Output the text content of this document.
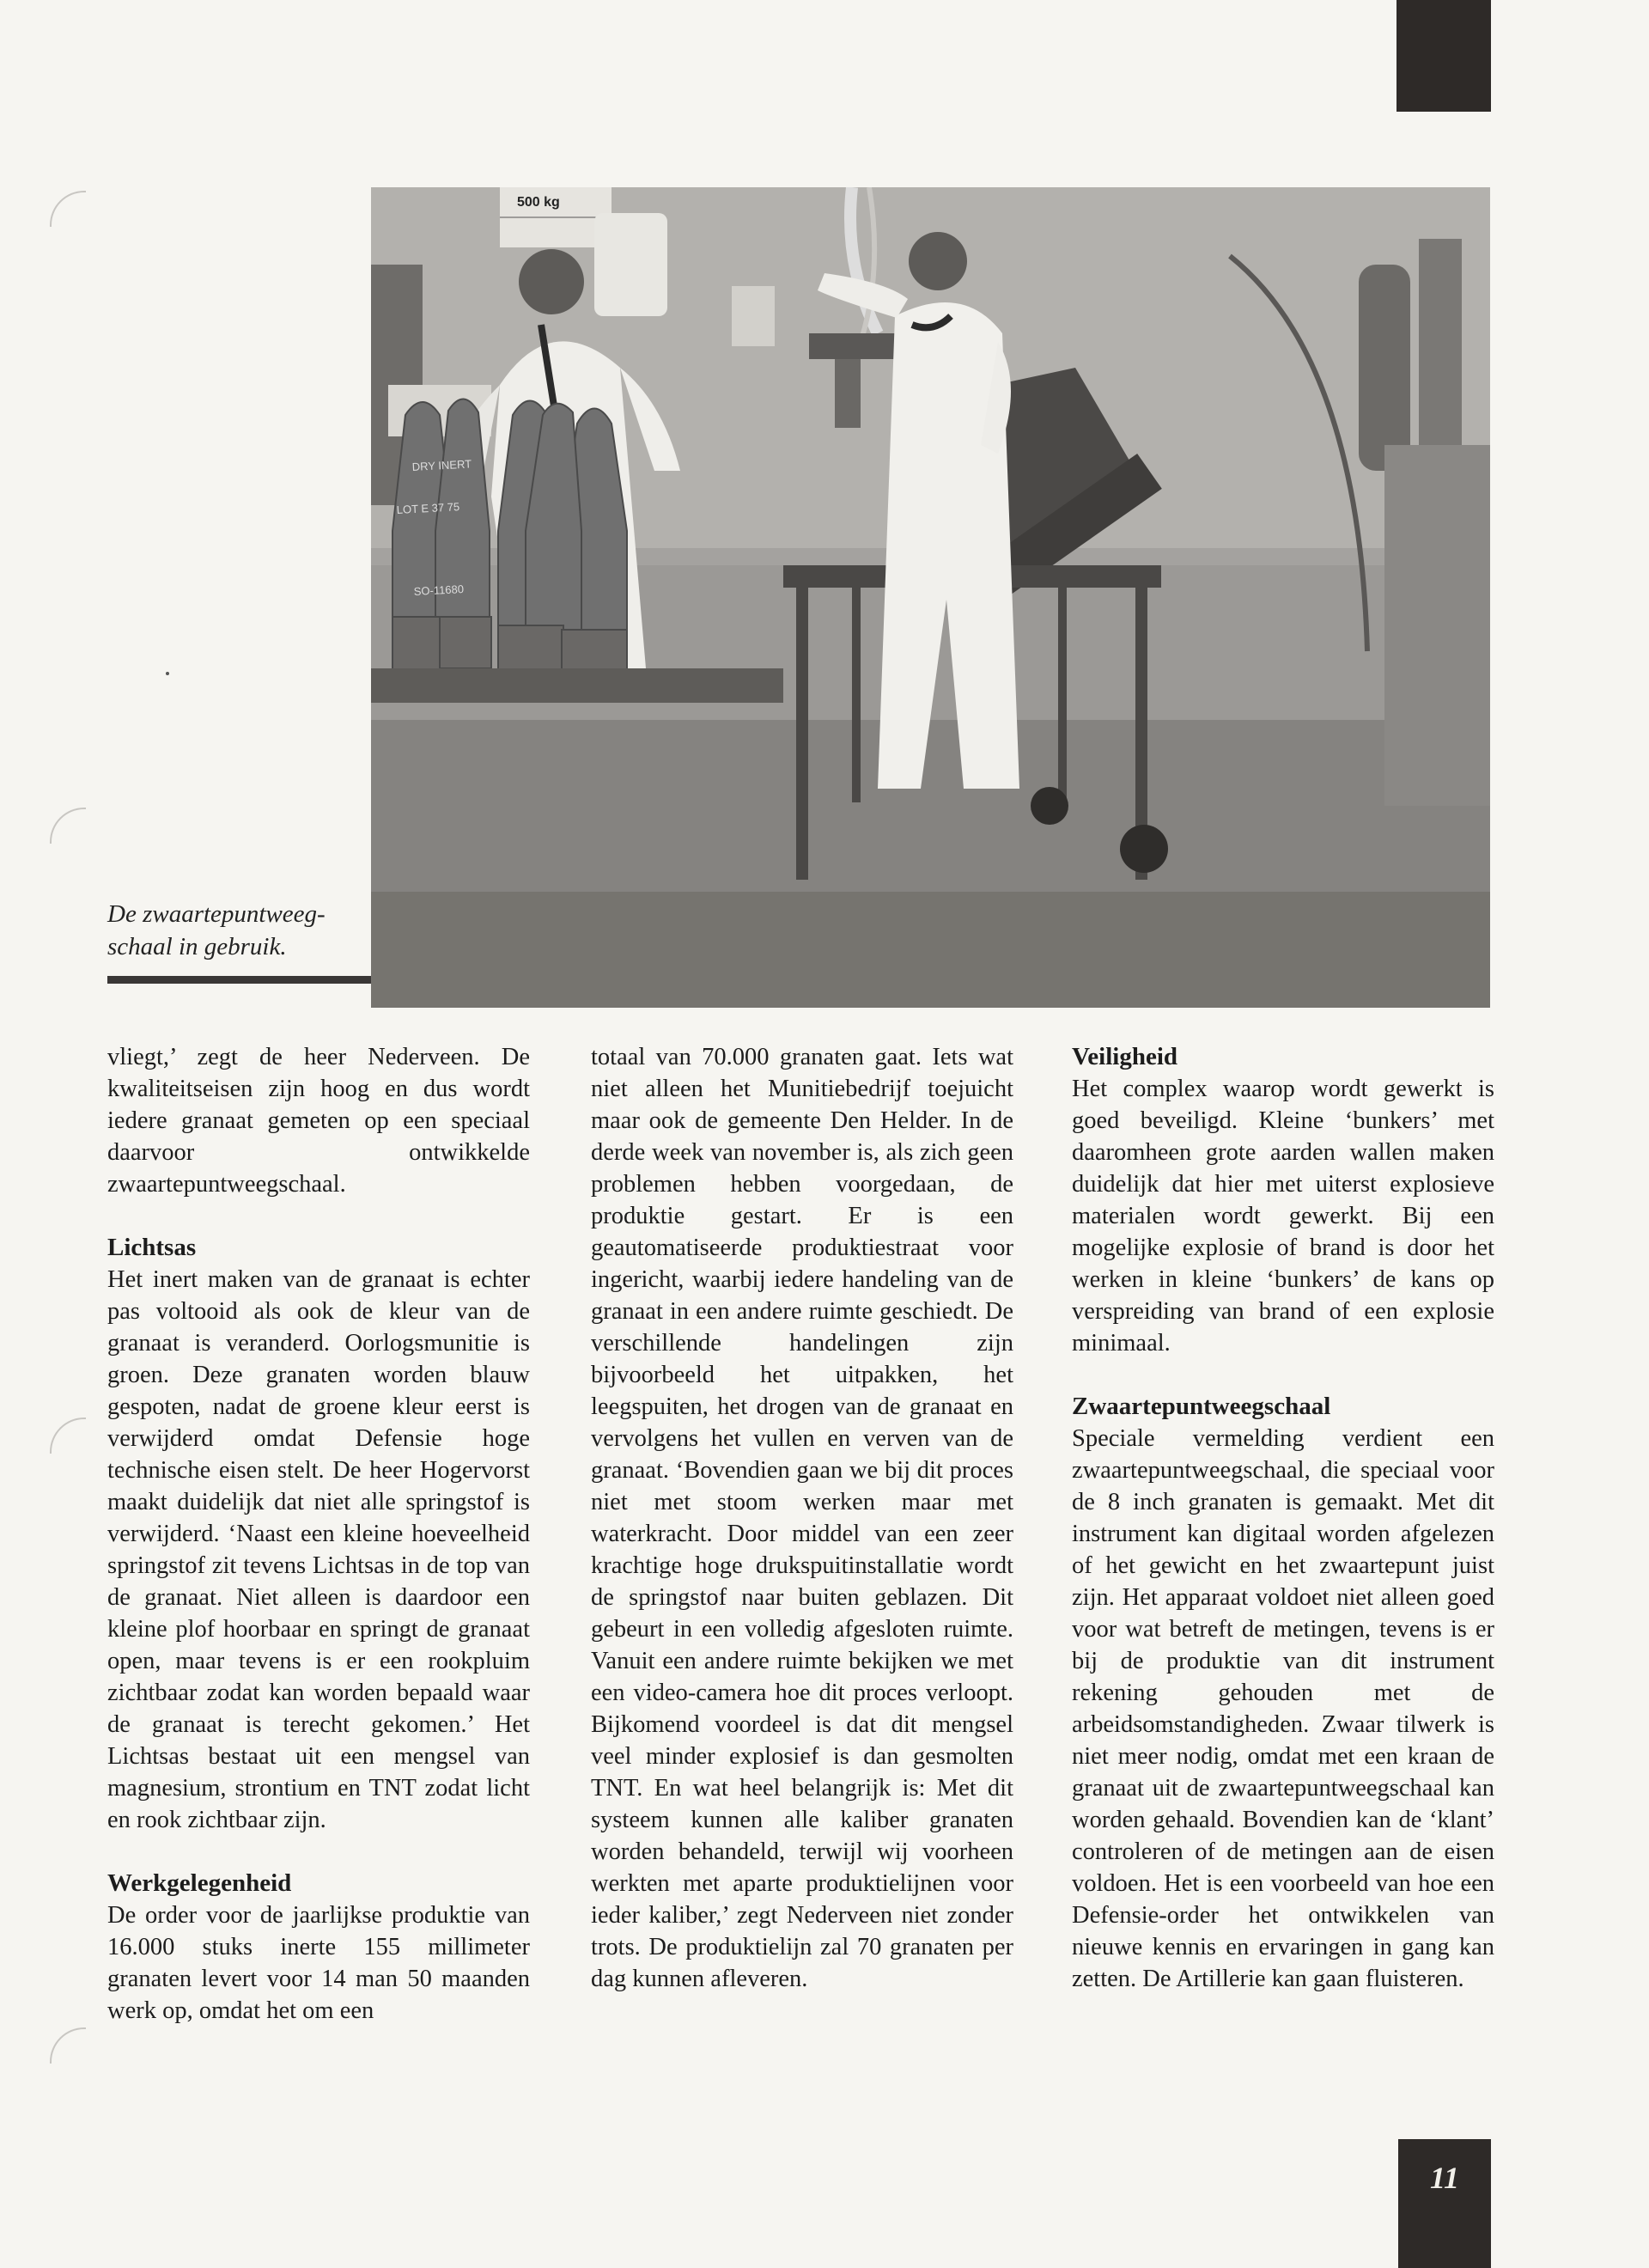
500 kg
DRY INERT
LOT E 37 75
SO-11680
De zwaartepuntweeg-
schaal in gebruik.

vliegt,’ zegt de heer Nederveen. De kwaliteitseisen zijn hoog en dus wordt iedere granaat gemeten op een speciaal daarvoor ontwikkelde zwaartepuntweegschaal.

Lichtsas

Het inert maken van de granaat is echter pas voltooid als ook de kleur van de granaat is veranderd. Oorlogsmunitie is groen. Deze granaten worden blauw gespoten, nadat de groene kleur eerst is verwijderd omdat Defensie hoge technische eisen stelt. De heer Hogervorst maakt duidelijk dat niet alle springstof is verwijderd. ‘Naast een kleine hoeveelheid springstof zit tevens Lichtsas in de top van de granaat. Niet alleen is daardoor een kleine plof hoorbaar en springt de granaat open, maar tevens is er een rookpluim zichtbaar zodat kan worden bepaald waar de granaat is terecht gekomen.’ Het Lichtsas bestaat uit een mengsel van magnesium, strontium en TNT zodat licht en rook zichtbaar zijn.

Werkgelegenheid

De order voor de jaarlijkse produktie van 16.000 stuks inerte 155 millimeter granaten levert voor 14 man 50 maanden werk op, omdat het om een

totaal van 70.000 granaten gaat. Iets wat niet alleen het Munitiebedrijf toejuicht maar ook de gemeente Den Helder. In de derde week van november is, als zich geen problemen hebben voorgedaan, de produktie gestart. Er is een geautomatiseerde produktiestraat voor ingericht, waarbij iedere handeling van de granaat in een andere ruimte geschiedt. De verschillende handelingen zijn bijvoorbeeld het uitpakken, het leegspuiten, het drogen van de granaat en vervolgens het vullen en verven van de granaat. ‘Bovendien gaan we bij dit proces niet met stoom werken maar met waterkracht. Door middel van een zeer krachtige hoge drukspuitinstallatie wordt de springstof naar buiten geblazen. Dit gebeurt in een volledig afgesloten ruimte. Vanuit een andere ruimte bekijken we met een video-camera hoe dit proces verloopt. Bijkomend voordeel is dat dit mengsel veel minder explosief is dan gesmolten TNT. En wat heel belangrijk is: Met dit systeem kunnen alle kaliber granaten worden behandeld, terwijl wij voorheen werkten met aparte produktielijnen voor ieder kaliber,’ zegt Nederveen niet zonder trots. De produktielijn zal 70 granaten per dag kunnen afleveren.

Veiligheid

Het complex waarop wordt gewerkt is goed beveiligd. Kleine ‘bunkers’ met daaromheen grote aarden wallen maken duidelijk dat hier met uiterst explosieve materialen wordt gewerkt. Bij een mogelijke explosie of brand is door het werken in kleine ‘bunkers’ de kans op verspreiding van brand of een explosie minimaal.

Zwaartepuntweegschaal

Speciale vermelding verdient een zwaartepuntweegschaal, die speciaal voor de 8 inch granaten is gemaakt. Met dit instrument kan digitaal worden afgelezen of het gewicht en het zwaartepunt juist zijn. Het apparaat voldoet niet alleen goed voor wat betreft de metingen, tevens is er bij de produktie van dit instrument rekening gehouden met de arbeidsomstandigheden. Zwaar tilwerk is niet meer nodig, omdat met een kraan de granaat uit de zwaartepuntweegschaal kan worden gehaald. Bovendien kan de ‘klant’ controleren of de metingen aan de eisen voldoen. Het is een voorbeeld van hoe een Defensie-order het ontwikkelen van nieuwe kennis en ervaringen in gang kan zetten. De Artillerie kan gaan fluisteren.

11
